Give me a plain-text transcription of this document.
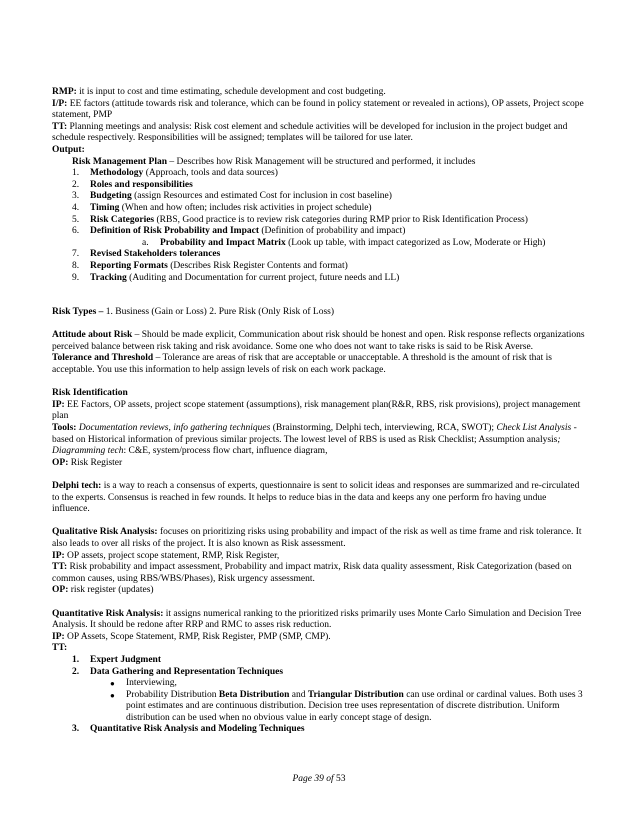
RMP: it is input to cost and time estimating, schedule development and cost budgeting.

I/P: EE factors (attitude towards risk and tolerance, which can be found in policy statement or revealed in actions), OP assets, Project scope statement, PMP

TT: Planning meetings and analysis: Risk cost element and schedule activities will be developed for inclusion in the project budget and schedule respectively. Responsibilities will be assigned; templates will be tailored for use later.

Output:

Risk Management Plan – Describes how Risk Management will be structured and performed, it includes

1.	Methodology (Approach, tools and data sources)
2.	Roles and responsibilities
3.	Budgeting (assign Resources and estimated Cost for inclusion in cost baseline)
4.	Timing (When and how often; includes risk activities in project schedule)
5.	Risk Categories (RBS, Good practice is to review risk categories during RMP prior to Risk Identification Process)
6.	Definition of Risk Probability and Impact (Definition of probability and impact)
a.	Probability and Impact Matrix (Look up table, with impact categorized as Low, Moderate or High)
7.	Revised Stakeholders tolerances
8.	Reporting Formats (Describes Risk Register Contents and format)
9.	Tracking (Auditing and Documentation for current project, future needs and LL)

Risk Types – 1. Business (Gain or Loss) 2. Pure Risk (Only Risk of Loss)

Attitude about Risk – Should be made explicit, Communication about risk should be honest and open. Risk response reflects organizations perceived balance between risk taking and risk avoidance. Some one who does not want to take risks is said to be Risk Averse.

Tolerance and Threshold – Tolerance are areas of risk that are acceptable or unacceptable. A threshold is the amount of risk that is acceptable. You use this information to help assign levels of risk on each work package.

Risk Identification

IP: EE Factors, OP assets, project scope statement (assumptions), risk management plan(R&R, RBS, risk provisions), project management plan

Tools: Documentation reviews, info gathering techniques (Brainstorming, Delphi tech, interviewing, RCA, SWOT); Check List Analysis - based on Historical information of previous similar projects. The lowest level of RBS is used as Risk Checklist; Assumption analysis; Diagramming tech: C&E, system/process flow chart, influence diagram,

OP: Risk Register

Delphi tech: is a way to reach a consensus of experts, questionnaire is sent to solicit ideas and responses are summarized and re-circulated to the experts. Consensus is reached in few rounds. It helps to reduce bias in the data and keeps any one perform fro having undue influence.

Qualitative Risk Analysis: focuses on prioritizing risks using probability and impact of the risk as well as time frame and risk tolerance. It also leads to over all risks of the project. It is also known as Risk assessment.

IP: OP assets, project scope statement, RMP, Risk Register,

TT: Risk probability and impact assessment, Probability and impact matrix, Risk data quality assessment, Risk Categorization (based on common causes, using RBS/WBS/Phases), Risk urgency assessment.

OP: risk register (updates)

Quantitative Risk Analysis: it assigns numerical ranking to the prioritized risks primarily uses Monte Carlo Simulation and Decision Tree Analysis. It should be redone after RRP and RMC to asses risk reduction.

IP: OP Assets, Scope Statement, RMP, Risk Register, PMP (SMP, CMP).

TT:

1.	Expert Judgment
2.	Data Gathering and Representation Techniques
●	Interviewing,
●	Probability Distribution Beta Distribution and Triangular Distribution can use ordinal or cardinal values. Both uses 3 point estimates and are continuous distribution. Decision tree uses representation of discrete distribution. Uniform distribution can be used when no obvious value in early concept stage of design.
3.	Quantitative Risk Analysis and Modeling Techniques
Page 39 of 53
